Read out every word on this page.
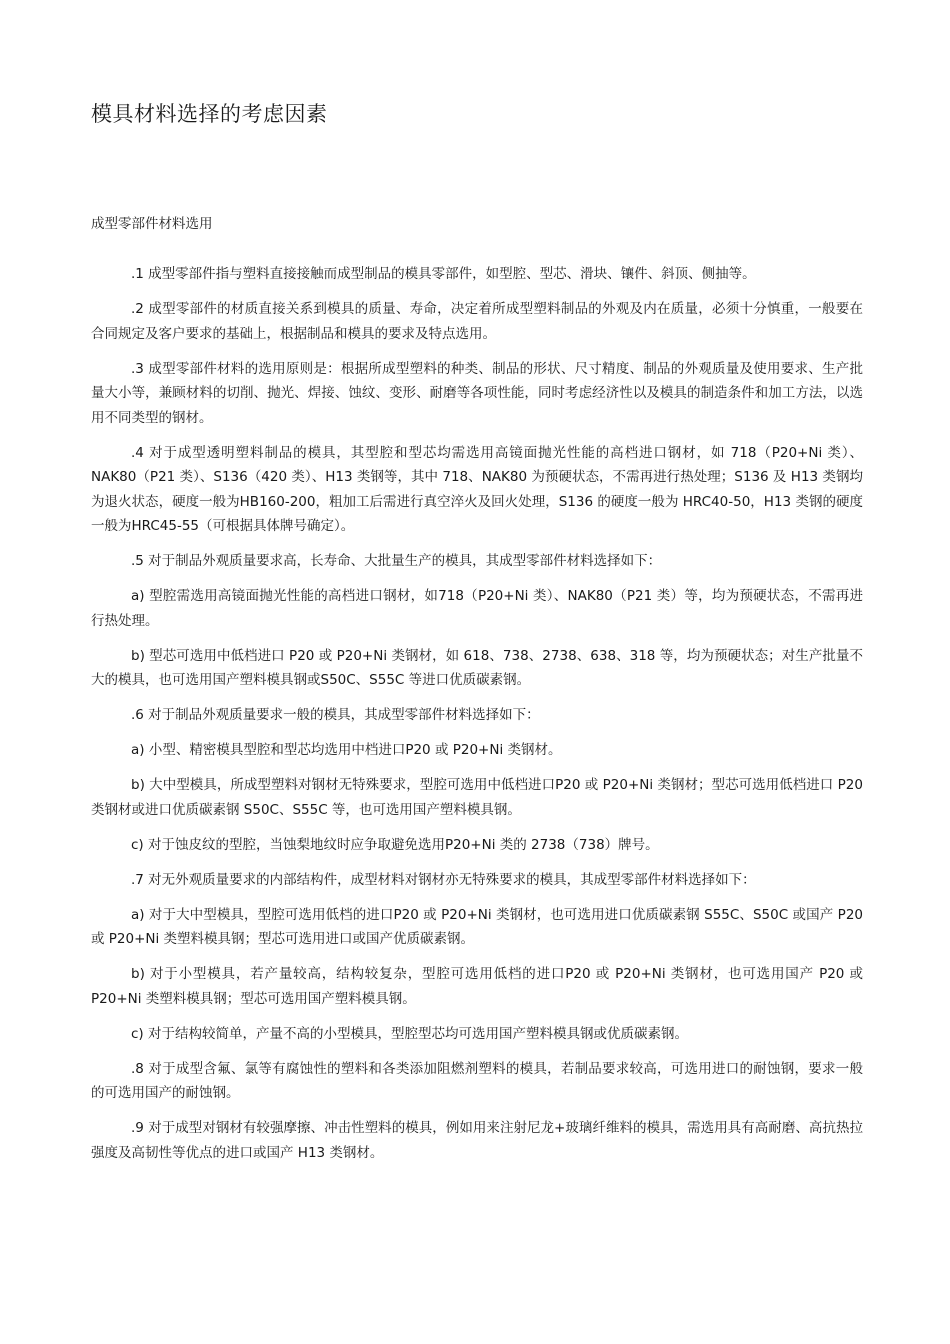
模具材料选择的考虑因素
成型零部件材料选用

.1 成型零部件指与塑料直接接触而成型制品的模具零部件，如型腔、型芯、滑块、镶件、斜顶、侧抽等。

.2 成型零部件的材质直接关系到模具的质量、寿命，决定着所成型塑料制品的外观及内在质量，必须十分慎重，一般要在合同规定及客户要求的基础上，根据制品和模具的要求及特点选用。

.3 成型零部件材料的选用原则是：根据所成型塑料的种类、制品的形状、尺寸精度、制品的外观质量及使用要求、生产批量大小等，兼顾材料的切削、抛光、焊接、蚀纹、变形、耐磨等各项性能，同时考虑经济性以及模具的制造条件和加工方法，以选用不同类型的钢材。

.4 对于成型透明塑料制品的模具，其型腔和型芯均需选用高镜面抛光性能的高档进口钢材，如 718（P20+Ni 类）、NAK80（P21 类）、S136（420 类）、H13 类钢等，其中 718、NAK80 为预硬状态，不需再进行热处理；S136 及 H13 类钢均为退火状态，硬度一般为HB160-200，粗加工后需进行真空淬火及回火处理，S136 的硬度一般为 HRC40-50，H13 类钢的硬度一般为HRC45-55（可根据具体牌号确定）。

.5 对于制品外观质量要求高，长寿命、大批量生产的模具，其成型零部件材料选择如下：

a) 型腔需选用高镜面抛光性能的高档进口钢材，如718（P20+Ni 类）、NAK80（P21 类）等，均为预硬状态，不需再进行热处理。

b) 型芯可选用中低档进口 P20 或 P20+Ni 类钢材，如 618、738、2738、638、318 等，均为预硬状态；对生产批量不大的模具，也可选用国产塑料模具钢或S50C、S55C 等进口优质碳素钢。

.6 对于制品外观质量要求一般的模具，其成型零部件材料选择如下：

a) 小型、精密模具型腔和型芯均选用中档进口P20 或 P20+Ni 类钢材。

b) 大中型模具，所成型塑料对钢材无特殊要求，型腔可选用中低档进口P20 或 P20+Ni 类钢材；型芯可选用低档进口 P20 类钢材或进口优质碳素钢 S50C、S55C 等，也可选用国产塑料模具钢。

c) 对于蚀皮纹的型腔，当蚀梨地纹时应争取避免选用P20+Ni 类的 2738（738）牌号。

.7 对无外观质量要求的内部结构件，成型材料对钢材亦无特殊要求的模具，其成型零部件材料选择如下：

a) 对于大中型模具，型腔可选用低档的进口P20 或 P20+Ni 类钢材，也可选用进口优质碳素钢 S55C、S50C 或国产 P20 或 P20+Ni 类塑料模具钢；型芯可选用进口或国产优质碳素钢。

b) 对于小型模具，若产量较高，结构较复杂，型腔可选用低档的进口P20 或 P20+Ni 类钢材，也可选用国产 P20 或 P20+Ni 类塑料模具钢；型芯可选用国产塑料模具钢。

c) 对于结构较简单，产量不高的小型模具，型腔型芯均可选用国产塑料模具钢或优质碳素钢。

.8 对于成型含氟、氯等有腐蚀性的塑料和各类添加阻燃剂塑料的模具，若制品要求较高，可选用进口的耐蚀钢，要求一般的可选用国产的耐蚀钢。

.9 对于成型对钢材有较强摩擦、冲击性塑料的模具，例如用来注射尼龙+玻璃纤维料的模具，需选用具有高耐磨、高抗热拉强度及高韧性等优点的进口或国产 H13 类钢材。
